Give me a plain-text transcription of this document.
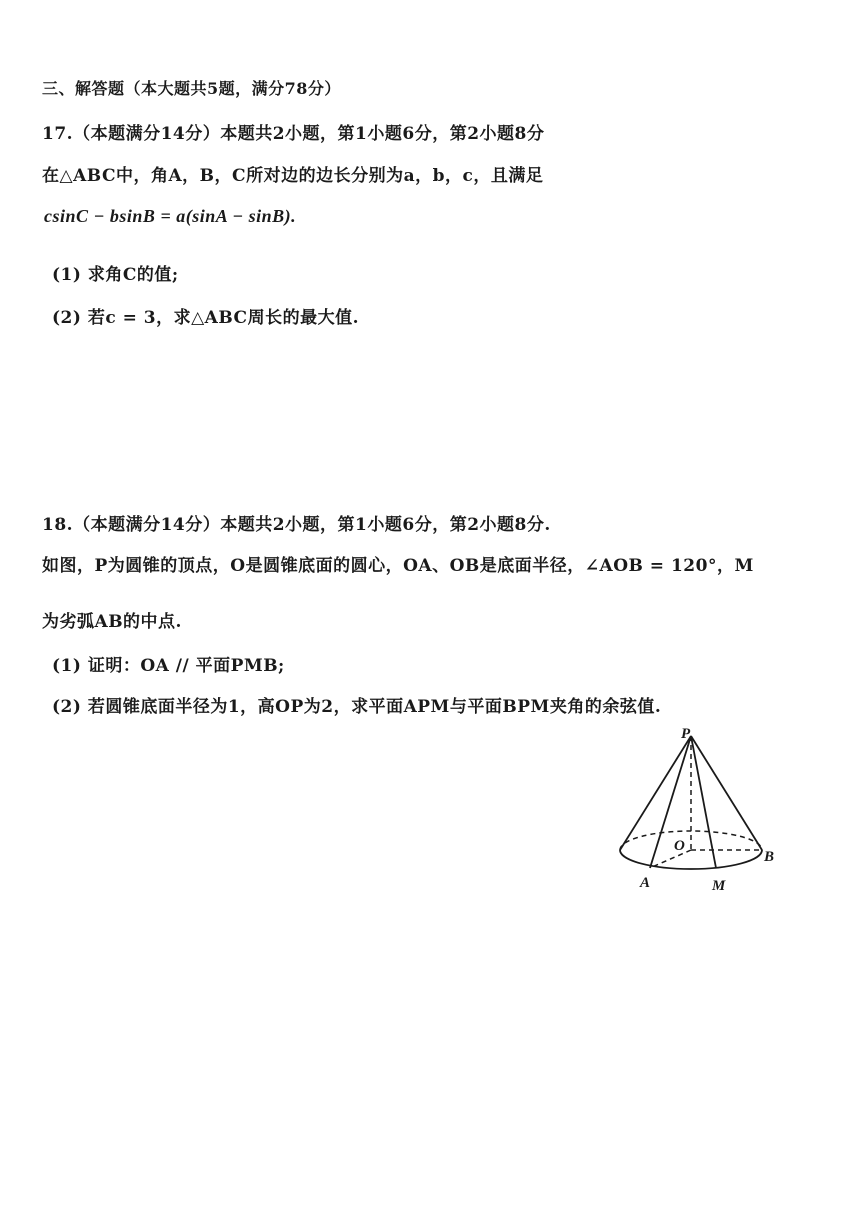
三、解答题（本大题共5题，满分78分）
17.（本题满分14分）本题共2小题，第1小题6分，第2小题8分
在△ABC中，角A，B，C所对边的边长分别为a，b，c，且满足
csinC − bsinB = a(sinA − sinB).
(1) 求角C的值;
(2) 若c = 3，求△ABC周长的最大值.
18.（本题满分14分）本题共2小题，第1小题6分，第2小题8分.
如图，P为圆锥的顶点，O是圆锥底面的圆心，OA、OB是底面半径，∠AOB = 120°，M
为劣弧AB的中点.
(1) 证明：OA // 平面PMB;
(2) 若圆锥底面半径为1，高OP为2，求平面APM与平面BPM夹角的余弦值.
P
O
A	M
B
